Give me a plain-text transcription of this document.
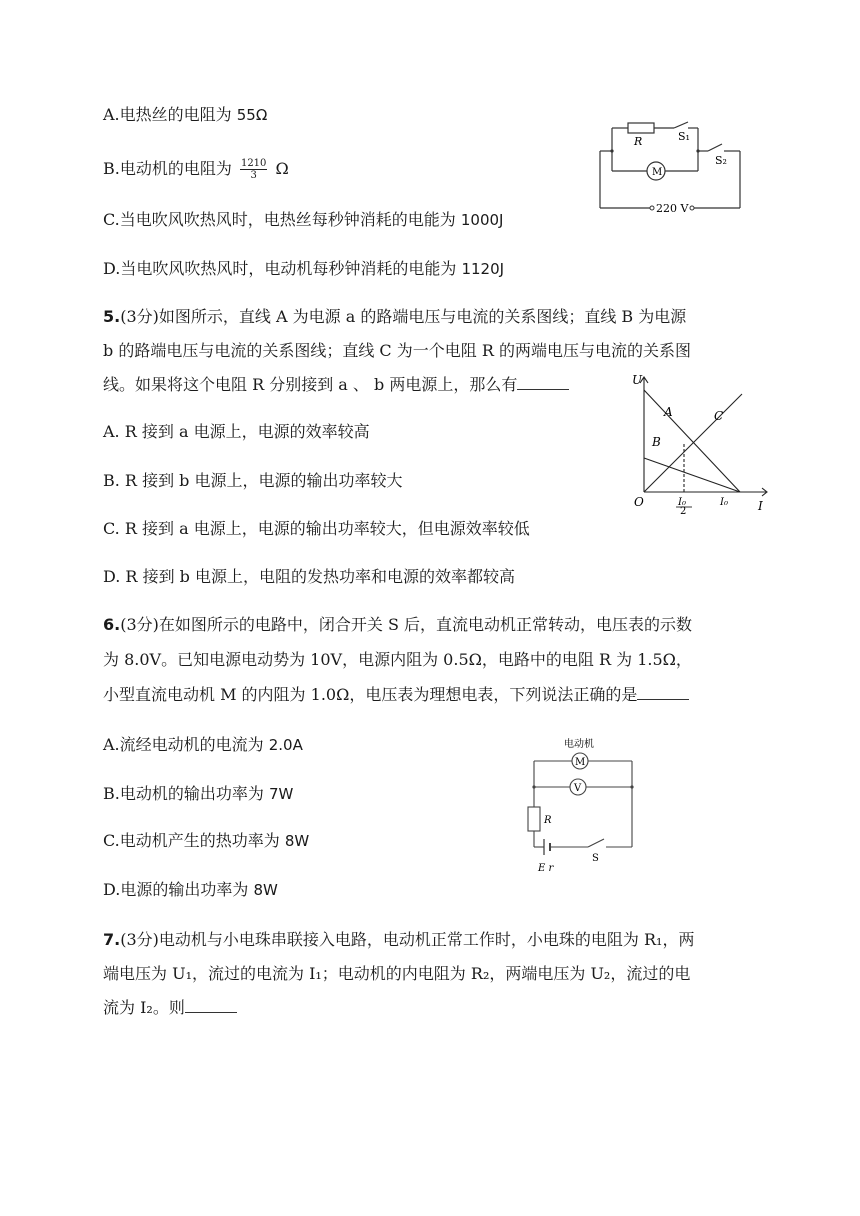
A.电热丝的电阻为 55Ω
B.电动机的电阻为 $\frac{1210}{3}$ Ω
C.当电吹风吹热风时，电热丝每秒钟消耗的电能为 1000J
D.当电吹风吹热风时，电动机每秒钟消耗的电能为 1120J
R	S₁
S₂
M
220 V
5.(3分)如图所示，直线 A 为电源 a 的路端电压与电流的关系图线；直线 B 为电源
b 的路端电压与电流的关系图线；直线 C 为一个电阻 R 的两端电压与电流的关系图
线。如果将这个电阻 R 分别接到 a 、 b 两电源上，那么有
A. R 接到 a 电源上，电源的效率较高
B. R 接到 b 电源上，电源的输出功率较大
C. R 接到 a 电源上，电源的输出功率较大，但电源效率较低
D. R 接到 b 电源上，电阻的发热功率和电源的效率都较高
U
I
O
A
B
C
I₀
2
I₀
6.(3分)在如图所示的电路中，闭合开关 S 后，直流电动机正常转动，电压表的示数
为 8.0V。已知电源电动势为 10V，电源内阻为 0.5Ω，电路中的电阻 R 为 1.5Ω，
小型直流电动机 M 的内阻为 1.0Ω，电压表为理想电表，下列说法正确的是
A.流经电动机的电流为 2.0A
B.电动机的输出功率为 7W
C.电动机产生的热功率为 8W
D.电源的输出功率为 8W
电动机
M
V
R
S
E r
7.(3分)电动机与小电珠串联接入电路，电动机正常工作时，小电珠的电阻为 R₁，两
端电压为 U₁，流过的电流为 I₁；电动机的内电阻为 R₂，两端电压为 U₂，流过的电
流为 I₂。则
